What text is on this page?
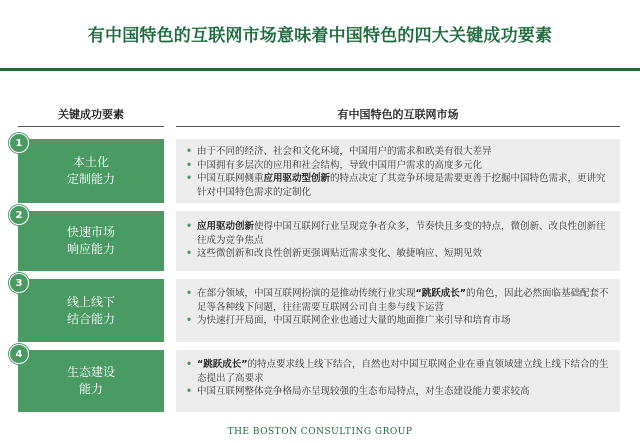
有中国特色的互联网市场意味着中国特色的四大关键成功要素
关键成功要素	有中国特色的互联网市场
本土化
定制能力
1
• 由于不同的经济、社会和文化环境，中国用户的需求和欧美有很大差异
• 中国拥有多层次的应用和社会结构，导致中国用户需求的高度多元化
• 中国互联网侧重应用驱动型创新的特点决定了其竞争环境是需要更善于挖掘中国特色需求，更讲究针对中国特色需求的定制化
快速市场
响应能力
2
• 应用驱动创新使得中国互联网行业呈现竞争者众多，节奏快且多变的特点，微创新、改良性创新往往成为竞争焦点
• 这些微创新和改良性创新更强调贴近需求变化、敏捷响应、短期见效
线上线下
结合能力
3
• 在部分领域，中国互联网扮演的是推动传统行业实现“跳跃成长”的角色，因此必然面临基础配套不足等各种线下问题，往往需要互联网公司自主参与线下运营
• 为快速打开局面，中国互联网企业也通过大量的地面推广来引导和培育市场
生态建设
能力
4
• “跳跃成长”的特点要求线上线下结合，自然也对中国互联网企业在垂直领域建立线上线下结合的生态提出了高要求
• 中国互联网整体竞争格局亦呈现较强的生态布局特点，对生态建设能力要求较高
THE BOSTON CONSULTING GROUP
